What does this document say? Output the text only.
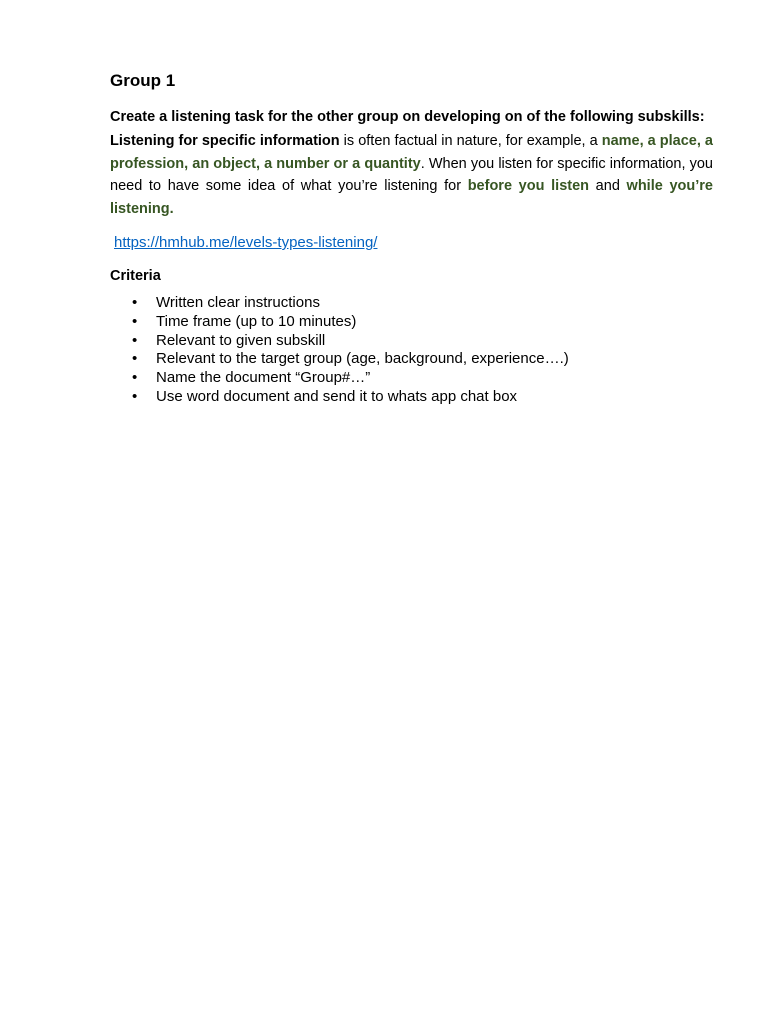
Group 1
Create a listening task for the other group on developing on of the following subskills:
Listening for specific information is often factual in nature, for example, a name, a place, a profession, an object, a number or a quantity. When you listen for specific information, you need to have some idea of what you’re listening for before you listen and while you’re listening.
https://hmhub.me/levels-types-listening/
Criteria
• Written clear instructions
• Time frame (up to 10 minutes)
• Relevant to given subskill
• Relevant to the target group (age, background, experience….)
• Name the document “Group#…”
• Use word document and send it to whats app chat box
